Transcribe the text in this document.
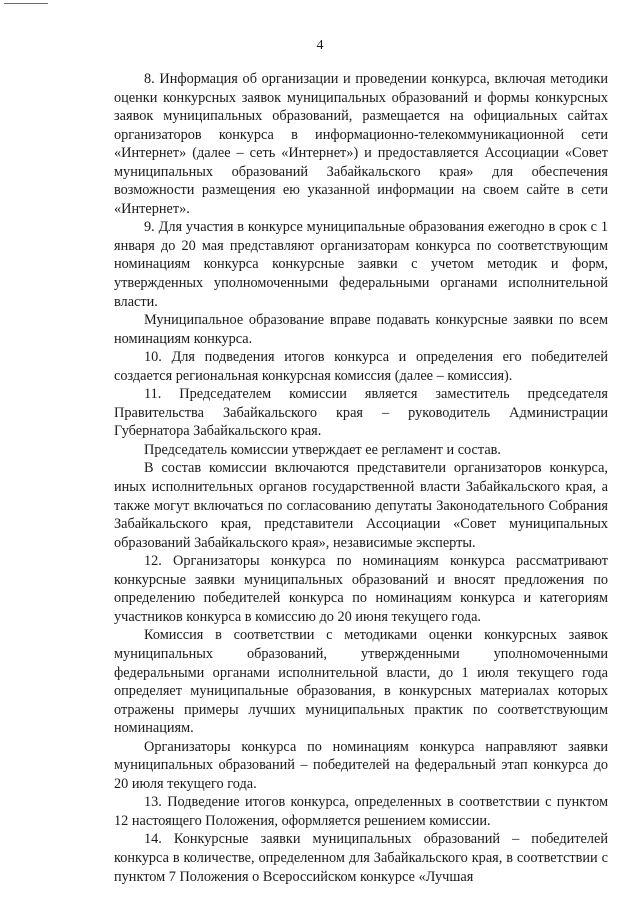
4

8. Информация об организации и проведении конкурса, включая методики оценки конкурсных заявок муниципальных образований и формы конкурсных заявок муниципальных образований, размещается на официальных сайтах организаторов конкурса в информационно-телекоммуникационной сети «Интернет» (далее – сеть «Интернет») и предоставляется Ассоциации «Совет муниципальных образований Забайкальского края» для обеспечения возможности размещения ею указанной информации на своем сайте в сети «Интернет».

9. Для участия в конкурсе муниципальные образования ежегодно в срок с 1 января до 20 мая представляют организаторам конкурса по соответствующим номинациям конкурса конкурсные заявки с учетом методик и форм, утвержденных уполномоченными федеральными органами исполнительной власти.

Муниципальное образование вправе подавать конкурсные заявки по всем номинациям конкурса.

10. Для подведения итогов конкурса и определения его победителей создается региональная конкурсная комиссия (далее – комиссия).

11. Председателем комиссии является заместитель председателя Правительства Забайкальского края – руководитель Администрации Губернатора Забайкальского края.

Председатель комиссии утверждает ее регламент и состав.

В состав комиссии включаются представители организаторов конкурса, иных исполнительных органов государственной власти Забайкальского края, а также могут включаться по согласованию депутаты Законодательного Собрания Забайкальского края, представители Ассоциации «Совет муниципальных образований Забайкальского края», независимые эксперты.

12. Организаторы конкурса по номинациям конкурса рассматривают конкурсные заявки муниципальных образований и вносят предложения по определению победителей конкурса по номинациям конкурса и категориям участников конкурса в комиссию до 20 июня текущего года.

Комиссия в соответствии с методиками оценки конкурсных заявок муниципальных образований, утвержденными уполномоченными федеральными органами исполнительной власти, до 1 июля текущего года определяет муниципальные образования, в конкурсных материалах которых отражены примеры лучших муниципальных практик по соответствующим номинациям.

Организаторы конкурса по номинациям конкурса направляют заявки муниципальных образований – победителей на федеральный этап конкурса до 20 июля текущего года.

13. Подведение итогов конкурса, определенных в соответствии с пунктом 12 настоящего Положения, оформляется решением комиссии.

14. Конкурсные заявки муниципальных образований – победителей конкурса в количестве, определенном для Забайкальского края, в соответствии с пунктом 7 Положения о Всероссийском конкурсе «Лучшая
